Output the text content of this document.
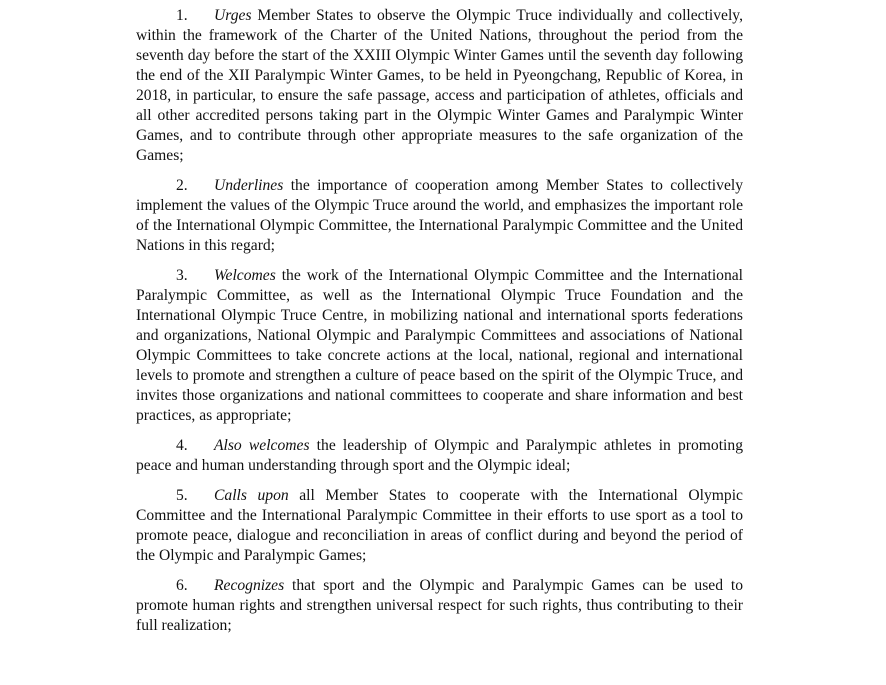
1. Urges Member States to observe the Olympic Truce individually and collectively, within the framework of the Charter of the United Nations, throughout the period from the seventh day before the start of the XXIII Olympic Winter Games until the seventh day following the end of the XII Paralympic Winter Games, to be held in Pyeongchang, Republic of Korea, in 2018, in particular, to ensure the safe passage, access and participation of athletes, officials and all other accredited persons taking part in the Olympic Winter Games and Paralympic Winter Games, and to contribute through other appropriate measures to the safe organization of the Games;

2. Underlines the importance of cooperation among Member States to collectively implement the values of the Olympic Truce around the world, and emphasizes the important role of the International Olympic Committee, the International Paralympic Committee and the United Nations in this regard;

3. Welcomes the work of the International Olympic Committee and the International Paralympic Committee, as well as the International Olympic Truce Foundation and the International Olympic Truce Centre, in mobilizing national and international sports federations and organizations, National Olympic and Paralympic Committees and associations of National Olympic Committees to take concrete actions at the local, national, regional and international levels to promote and strengthen a culture of peace based on the spirit of the Olympic Truce, and invites those organizations and national committees to cooperate and share information and best practices, as appropriate;

4. Also welcomes the leadership of Olympic and Paralympic athletes in promoting peace and human understanding through sport and the Olympic ideal;

5. Calls upon all Member States to cooperate with the International Olympic Committee and the International Paralympic Committee in their efforts to use sport as a tool to promote peace, dialogue and reconciliation in areas of conflict during and beyond the period of the Olympic and Paralympic Games;

6. Recognizes that sport and the Olympic and Paralympic Games can be used to promote human rights and strengthen universal respect for such rights, thus contributing to their full realization;
